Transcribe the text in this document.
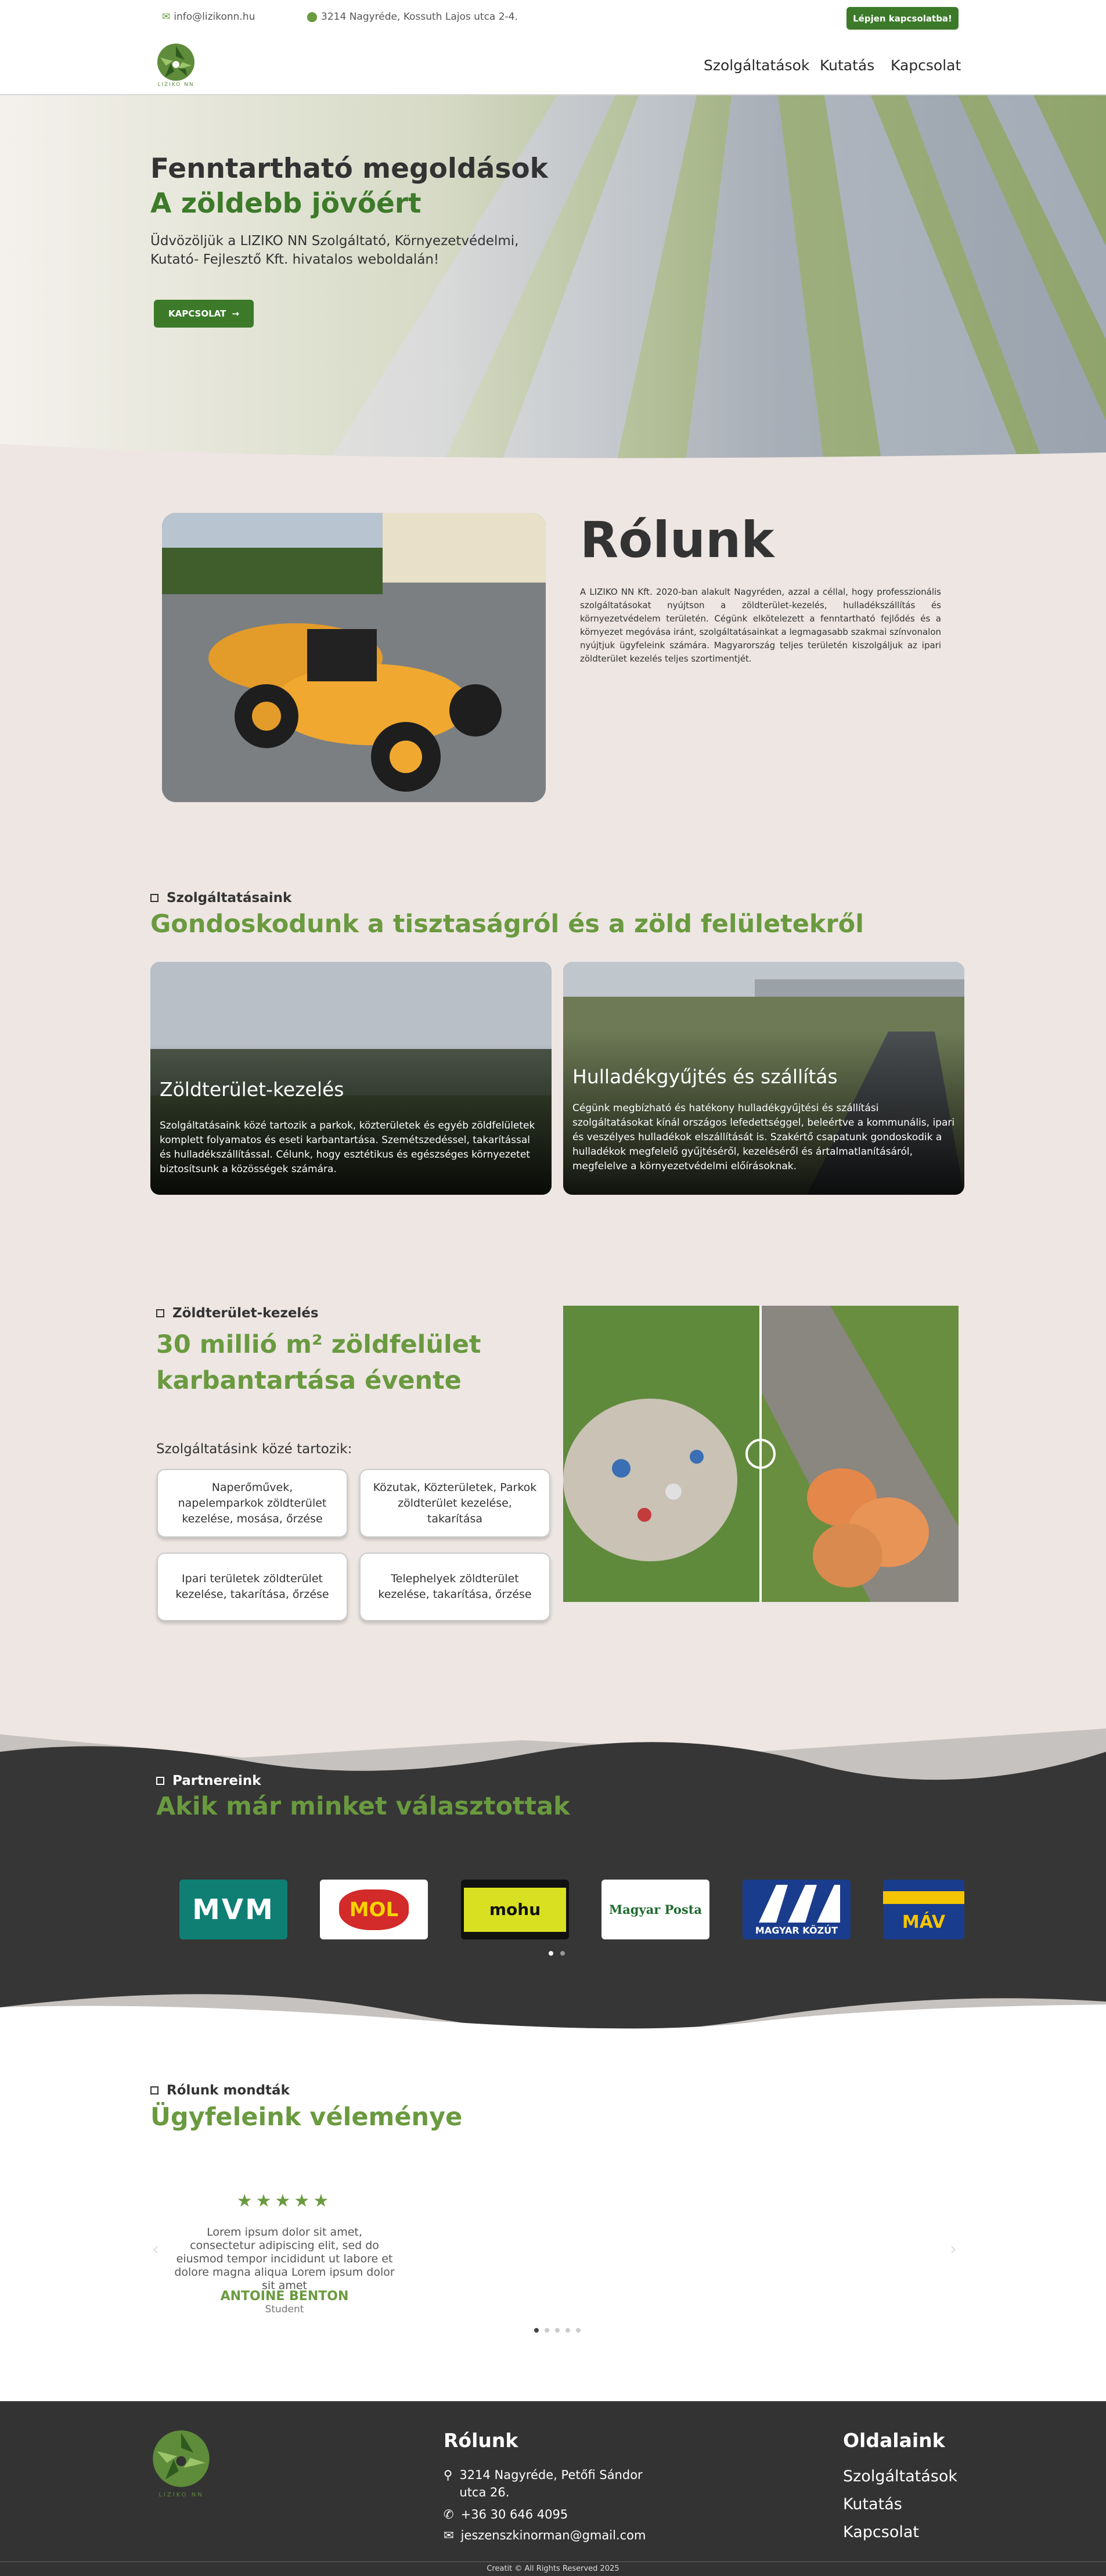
✉ info@lizikonn.hu	⬤ 3214 Nagyréde, Kossuth Lajos utca 2-4.	Lépjen kapcsolatba!
LIZIKO NN
Szolgáltatások Kutatás Kapcsolat
Fenntartható megoldások
A zöldebb jövőért
Üdvözöljük a LIZIKO NN Szolgáltató, Környezetvédelmi, Kutató- Fejlesztő Kft. hivatalos weboldalán!
KAPCSOLAT →
Rólunk
A LIZIKO NN Kft. 2020-ban alakult Nagyréden, azzal a céllal, hogy professzionális szolgáltatásokat nyújtson a zöldterület-kezelés, hulladékszállítás és környezetvédelem területén. Cégünk elkötelezett a fenntartható fejlődés és a környezet megóvása iránt, szolgáltatásainkat a legmagasabb szakmai színvonalon nyújtjuk ügyfeleink számára. Magyarország teljes területén kiszolgáljuk az ipari zöldterület kezelés teljes szortimentjét.
Szolgáltatásaink
Gondoskodunk a tisztaságról és a zöld felületekről
Zöldterület-kezelés
Szolgáltatásaink közé tartozik a parkok, közterületek és egyéb zöldfelületek komplett folyamatos és eseti karbantartása. Szemétszedéssel, takarítással és hulladékszállítással. Célunk, hogy esztétikus és egészséges környezetet biztosítsunk a közösségek számára.
Hulladékgyűjtés és szállítás
Cégünk megbízható és hatékony hulladékgyűjtési és szállítási szolgáltatásokat kínál országos lefedettséggel, beleértve a kommunális, ipari és veszélyes hulladékok elszállítását is. Szakértő csapatunk gondoskodik a hulladékok megfelelő gyűjtéséről, kezeléséről és ártalmatlanításáról, megfelelve a környezetvédelmi előírásoknak.
Zöldterület-kezelés
30 millió m² zöldfelület
karbantartása évente
Szolgáltatásink közé tartozik:
Naperőművek, napelemparkok zöldterület kezelése, mosása, őrzése
Közutak, Közterületek, Parkok zöldterület kezelése, takarítása
Ipari területek zöldterület kezelése, takarítása, őrzése
Telephelyek zöldterület kezelése, takarítása, őrzése
Partnereink
Akik már minket választottak
MVM	MOL	mohu	Magyar Posta
MAGYAR KÖZÚT	MÁV
Rólunk mondták
Ügyfeleink véleménye
‹	›
★★★★★
Lorem ipsum dolor sit amet, consectetur adipiscing elit, sed do eiusmod tempor incididunt ut labore et dolore magna aliqua Lorem ipsum dolor sit amet
ANTOINE BENTON
Student
LIZIKO NN
Rólunk
⚲ 3214 Nagyréde, Petőfi Sándor utca 26.
✆ +36 30 646 4095
✉ jeszenszkinorman@gmail.com
Oldalaink
Szolgáltatások
Kutatás
Kapcsolat
Creatit © All Rights Reserved 2025
